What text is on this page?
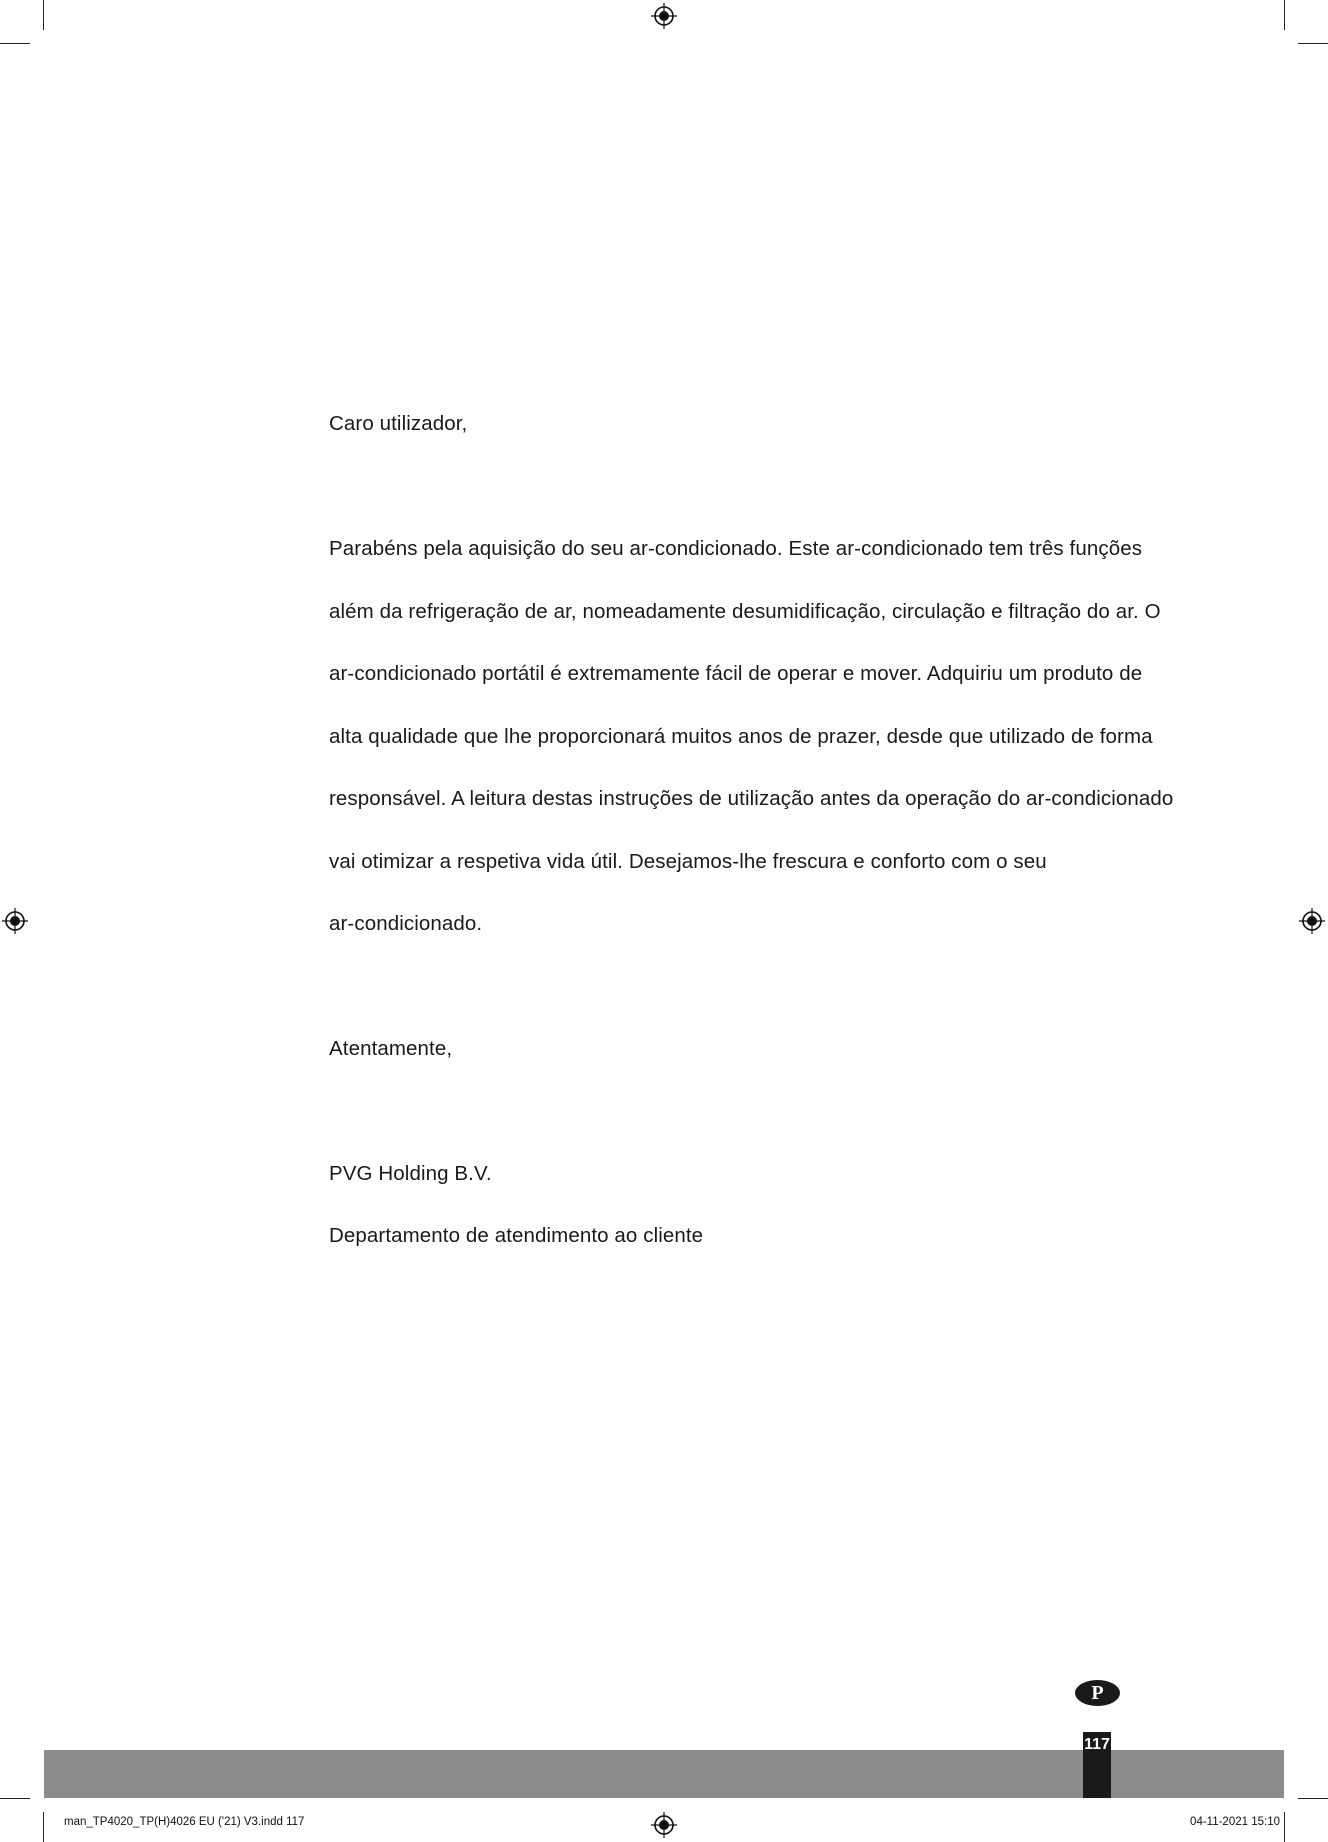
Caro utilizador,
Parabéns pela aquisição do seu ar-condicionado. Este ar-condicionado tem três funções
além da refrigeração de ar, nomeadamente desumidificação, circulação e filtração do ar. O
ar-condicionado portátil é extremamente fácil de operar e mover. Adquiriu um produto de
alta qualidade que lhe proporcionará muitos anos de prazer, desde que utilizado de forma
responsável. A leitura destas instruções de utilização antes da operação do ar-condicionado
vai otimizar a respetiva vida útil. Desejamos-lhe frescura e conforto com o seu
ar-condicionado.
Atentamente,
PVG Holding B.V.
Departamento de atendimento ao cliente
P
117
man_TP4020_TP(H)4026 EU ('21) V3.indd 117	04-11-2021 15:10
